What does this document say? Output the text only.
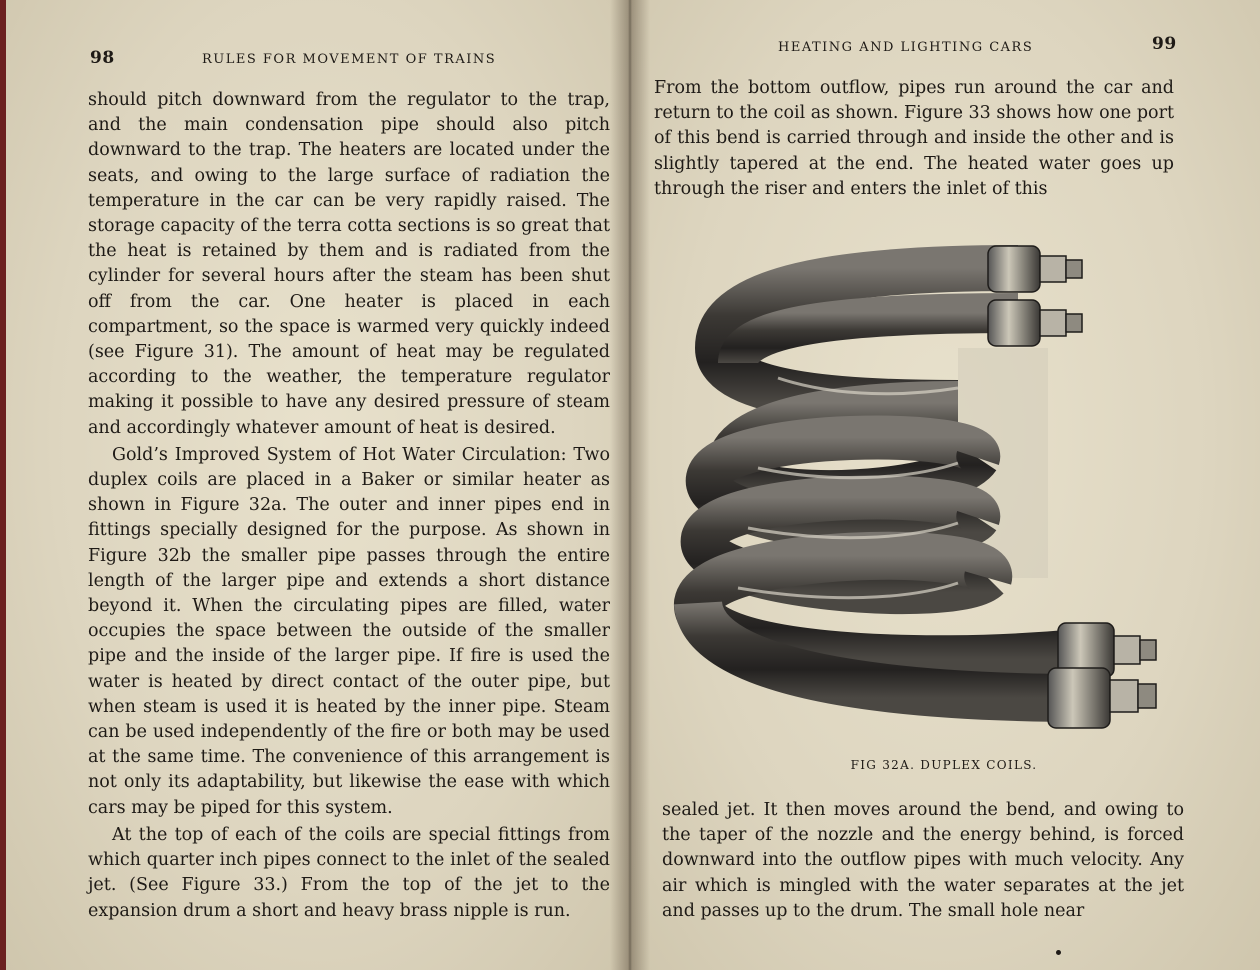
98	RULES FOR MOVEMENT OF TRAINS

should pitch downward from the regulator to the trap, and the main condensation pipe should also pitch downward to the trap. The heaters are located under the seats, and owing to the large surface of radiation the temperature in the car can be very rapidly raised. The storage capacity of the terra cotta sections is so great that the heat is retained by them and is radiated from the cylinder for several hours after the steam has been shut off from the car. One heater is placed in each compartment, so the space is warmed very quickly indeed (see Figure 31). The amount of heat may be regulated according to the weather, the temperature regulator making it possible to have any desired pressure of steam and accordingly whatever amount of heat is desired.

Gold’s Improved System of Hot Water Circulation: Two duplex coils are placed in a Baker or similar heater as shown in Figure 32a. The outer and inner pipes end in fittings specially designed for the purpose. As shown in Figure 32b the smaller pipe passes through the entire length of the larger pipe and extends a short distance beyond it. When the circulating pipes are filled, water occupies the space between the outside of the smaller pipe and the inside of the larger pipe. If fire is used the water is heated by direct contact of the outer pipe, but when steam is used it is heated by the inner pipe. Steam can be used independently of the fire or both may be used at the same time. The convenience of this arrangement is not only its adaptability, but likewise the ease with which cars may be piped for this system.

At the top of each of the coils are special fittings from which quarter inch pipes connect to the inlet of the sealed jet. (See Figure 33.) From the top of the jet to the expansion drum a short and heavy brass nipple is run.

HEATING AND LIGHTING CARS	99

From the bottom outflow, pipes run around the car and return to the coil as shown. Figure 33 shows how one port of this bend is carried through and inside the other and is slightly tapered at the end. The heated water goes up through the riser and enters the inlet of this

FIG 32A. DUPLEX COILS.

sealed jet. It then moves around the bend, and owing to the taper of the nozzle and the energy behind, is forced downward into the outflow pipes with much velocity. Any air which is mingled with the water separates at the jet and passes up to the drum. The small hole near
